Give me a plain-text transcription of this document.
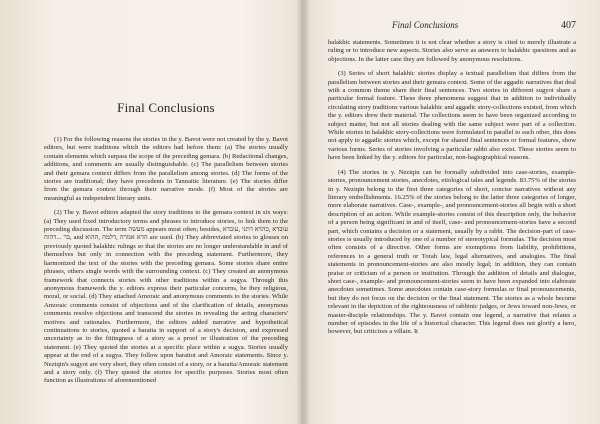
Final Conclusions

(1) For the following reasons the stories in the y. Bavot were not created by the y. Bavot editors, but were traditions which the editors had before them: (a) The stories usually contain elements which surpass the scope of the preceding gemara. (b) Redactional changes, additions, and comments are usually distinguishable. (c) The parallelism between stories and their gemara context differs from the parallelism among stories. (d) The forms of the stories are traditional; they have precedents in Tannaitic literature. (e) The stories differ from the gemara context through their narrative mode. (f) Most of the stories are meaningful as independent literary units.

(2) The y. Bavot editors adapted the story traditions to the gemara context in six ways: (a) They used fixed introductory terms and phrases to introduce stories, to link them to the preceding discussion. The term מעשה appears most often; besides, עובדא ,כהדא דתני ,עובדא בר ...דהוה, and הדא אמרה ,דלמה ,ההוא are used. (b) They abbreviated stories to glosses on previously quoted halakhic rulings so that the stories are no longer understandable in and of themselves but only in connection with the preceding statement. Furthermore, they harmonized the text of the stories with the preceding gemara. Some stories share entire phrases, others single words with the surrounding context. (c) They created an anonymous framework that connects stories with other traditions within a sugya. Through this anonymous framework the y. editors express their particular concerns, be they religious, moral, or social. (d) They attached Amoraic and anonymous comments to the stories. While Amoraic comments consist of objections and of the clarification of details, anonymous comments resolve objections and transcend the stories in revealing the acting characters' motives and rationales. Furthermore, the editors added narrative and hypothetical continuations to stories, quoted a baraita in support of a story's decision, and expressed uncertainty as to the fittingness of a story as a proof or illustration of the preceding statement. (e) They quoted the stories at a specific place within a sugya. Stories usually appear at the end of a sugya. They follow upon baraitot and Amoraic statements. Since y. Neziqin's sugyot are very short, they often consist of a story, or a baraita/Amoraic statement and a story only. (f) They quoted the stories for specific purposes. Stories most often function as illustrations of aforementioned

Final Conclusions	407

halakhic statements. Sometimes it is not clear whether a story is cited to merely illustrate a ruling or to introduce new aspects. Stories also serve as answers to halakhic questions and as objections. In the latter case they are followed by anonymous resolutions.

(3) Series of short halakhic stories display a textual parallelism that differs from the parallelism between stories and their gemara context. Some of the aggadic narratives that deal with a common theme share their final sentences. Two stories in different sugyot share a particular formal feature. These three phenomena suggest that in addition to individually circulating story traditions various halakhic and aggadic story-collections existed, from which the y. editors drew their material. The collections seem to have been organized according to subject matter, but not all stories dealing with the same subject were part of a collection. While stories in halakhic story-collections were formulated in parallel to each other, this does not apply to aggadic stories which, except for shared final sentences or formal features, show various forms. Series of stories involving a particular rabbi also exist. These stories seem to have been linked by the y. editors for particular, non-hagiographical reasons.

(4) The stories in y. Neziqin can be formally subdivided into case-stories, example-stories, pronouncement stories, anecdotes, etiological tales and legends. 83.75% of the stories in y. Neziqin belong to the first three categories of short, concise narratives without any literary embellishments. 16.25% of the stories belong to the latter three categories of longer, more elaborate narratives. Case-, example-, and pronouncement-stories all begin with a short description of an action. While example-stories consist of this description only, the behavior of a person being significant in and of itself, case- and pronouncement-stories have a second part, which contains a decision or a statement, usually by a rabbi. The decision-part of case-stories is usually introduced by one of a number of stereotypical formulas. The decision most often consists of a directive. Other forms are exemptions from liability, prohibitions, references to a general truth or Torah law, legal alternatives, and analogies. The final statements in pronouncement-stories are also mostly legal; in addition, they can contain praise or criticism of a person or institution. Through the addition of details and dialogue, short case-, example- and pronouncement-stories seem to have been expanded into elaborate anecdotes sometimes. Some anecdotes contain case-story formulas or final pronouncements, but they do not focus on the decision or the final statement. The stories as a whole become relevant in the depiction of the righteousness of rabbinic judges, or Jews toward non-Jews, or master-disciple relationships. The y. Bavot contain one legend, a narrative that relates a number of episodes in the life of a historical character. This legend does not glorify a hero, however, but criticizes a villain. It
